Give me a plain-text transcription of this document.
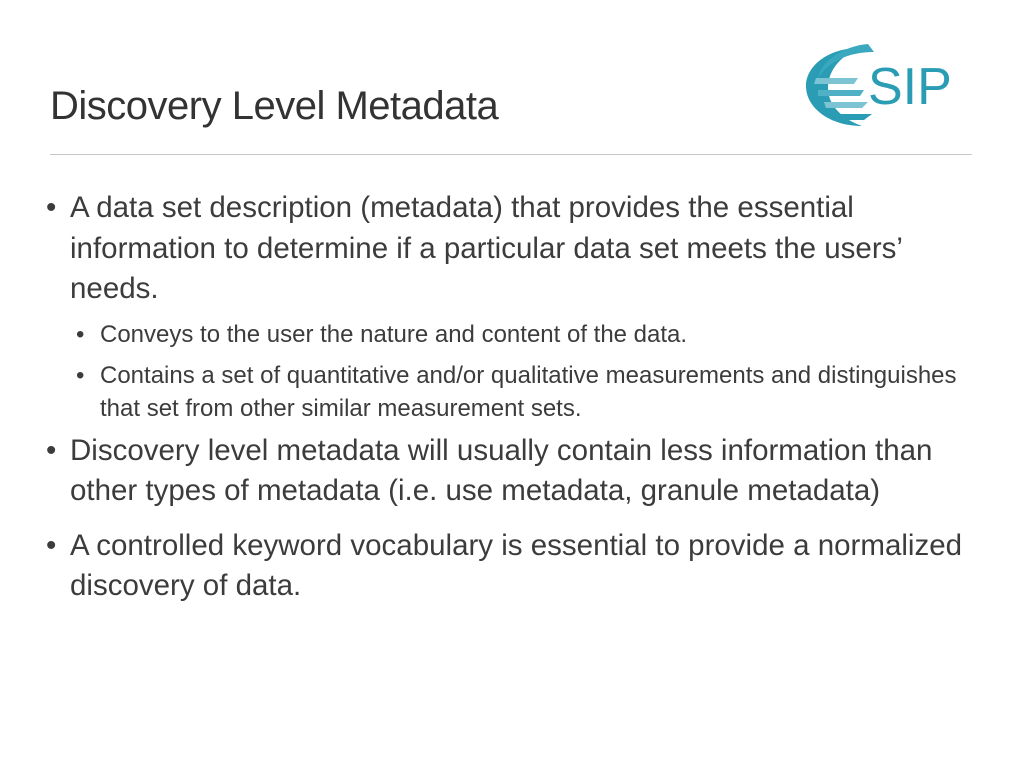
Discovery Level Metadata	SIP

• A data set description (metadata) that provides the essential information to determine if a particular data set meets the users’ needs.

• Conveys to the user the nature and content of the data.

• Contains a set of quantitative and/or qualitative measurements and distinguishes that set from other similar measurement sets.

• Discovery level metadata will usually contain less information than other types of metadata (i.e. use metadata, granule metadata)

• A controlled keyword vocabulary is essential to provide a normalized discovery of data.
